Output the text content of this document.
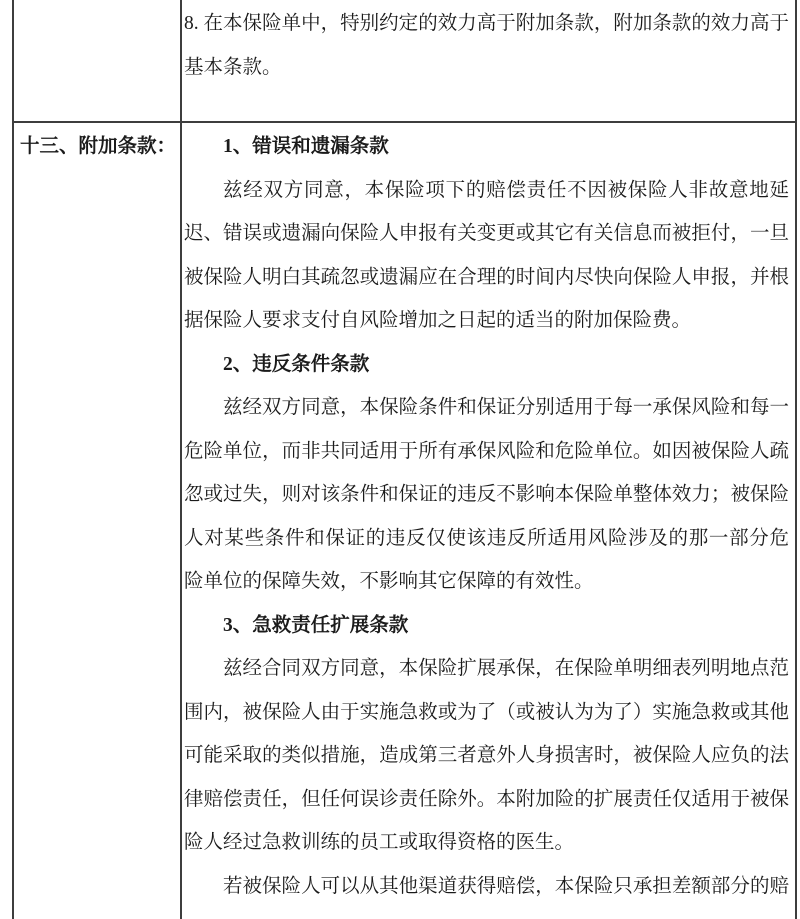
8. 在本保险单中，特别约定的效力高于附加条款，附加条款的效力高于
基本条款。
十三、附加条款：	1、错误和遗漏条款
兹经双方同意，本保险项下的赔偿责任不因被保险人非故意地延
迟、错误或遗漏向保险人申报有关变更或其它有关信息而被拒付，一旦
被保险人明白其疏忽或遗漏应在合理的时间内尽快向保险人申报，并根
据保险人要求支付自风险增加之日起的适当的附加保险费。
2、违反条件条款
兹经双方同意，本保险条件和保证分别适用于每一承保风险和每一
危险单位，而非共同适用于所有承保风险和危险单位。如因被保险人疏
忽或过失，则对该条件和保证的违反不影响本保险单整体效力；被保险
人对某些条件和保证的违反仅使该违反所适用风险涉及的那一部分危
险单位的保障失效，不影响其它保障的有效性。
3、急救责任扩展条款
兹经合同双方同意，本保险扩展承保，在保险单明细表列明地点范
围内，被保险人由于实施急救或为了（或被认为为了）实施急救或其他
可能采取的类似措施，造成第三者意外人身损害时，被保险人应负的法
律赔偿责任，但任何误诊责任除外。本附加险的扩展责任仅适用于被保
险人经过急救训练的员工或取得资格的医生。
若被保险人可以从其他渠道获得赔偿，本保险只承担差额部分的赔
